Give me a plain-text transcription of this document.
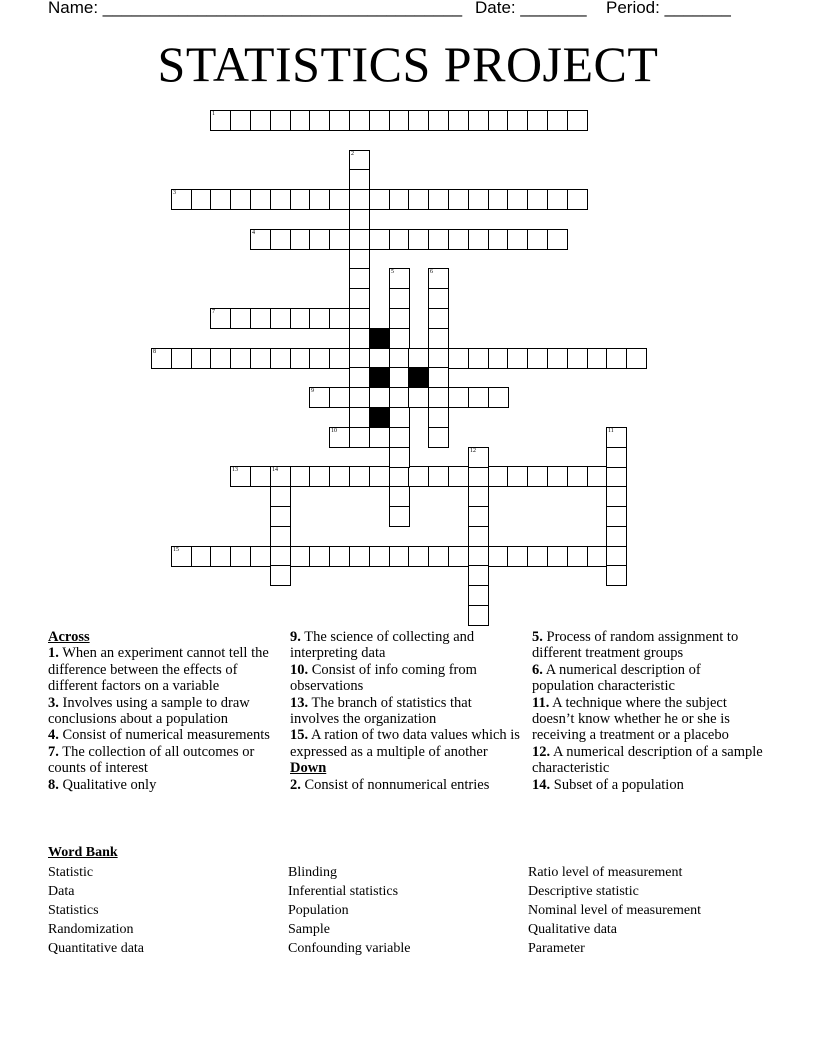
Name: ______________________________________ Date: _______ Period: _______
STATISTICS PROJECT
1
3
4
7
8
9
10
13	14
15
2
5	6
12
11
Across
1. When an experiment cannot tell the difference between the effects of different factors on a variable
3. Involves using a sample to draw conclusions about a population
4. Consist of numerical measurements
7. The collection of all outcomes or counts of interest
8. Qualitative only
9. The science of collecting and interpreting data
10. Consist of info coming from observations
13. The branch of statistics that involves the organization
15. A ration of two data values which is expressed as a multiple of another
Down
2. Consist of nonnumerical entries
5. Process of random assignment to different treatment groups
6. A numerical description of population characteristic
11. A technique where the subject doesn’t know whether he or she is receiving a treatment or a placebo
12. A numerical description of a sample characteristic
14. Subset of a population
Word Bank
Statistic
Data
Statistics
Randomization
Quantitative data
Blinding
Inferential statistics
Population
Sample
Confounding variable
Ratio level of measurement
Descriptive statistic
Nominal level of measurement
Qualitative data
Parameter
